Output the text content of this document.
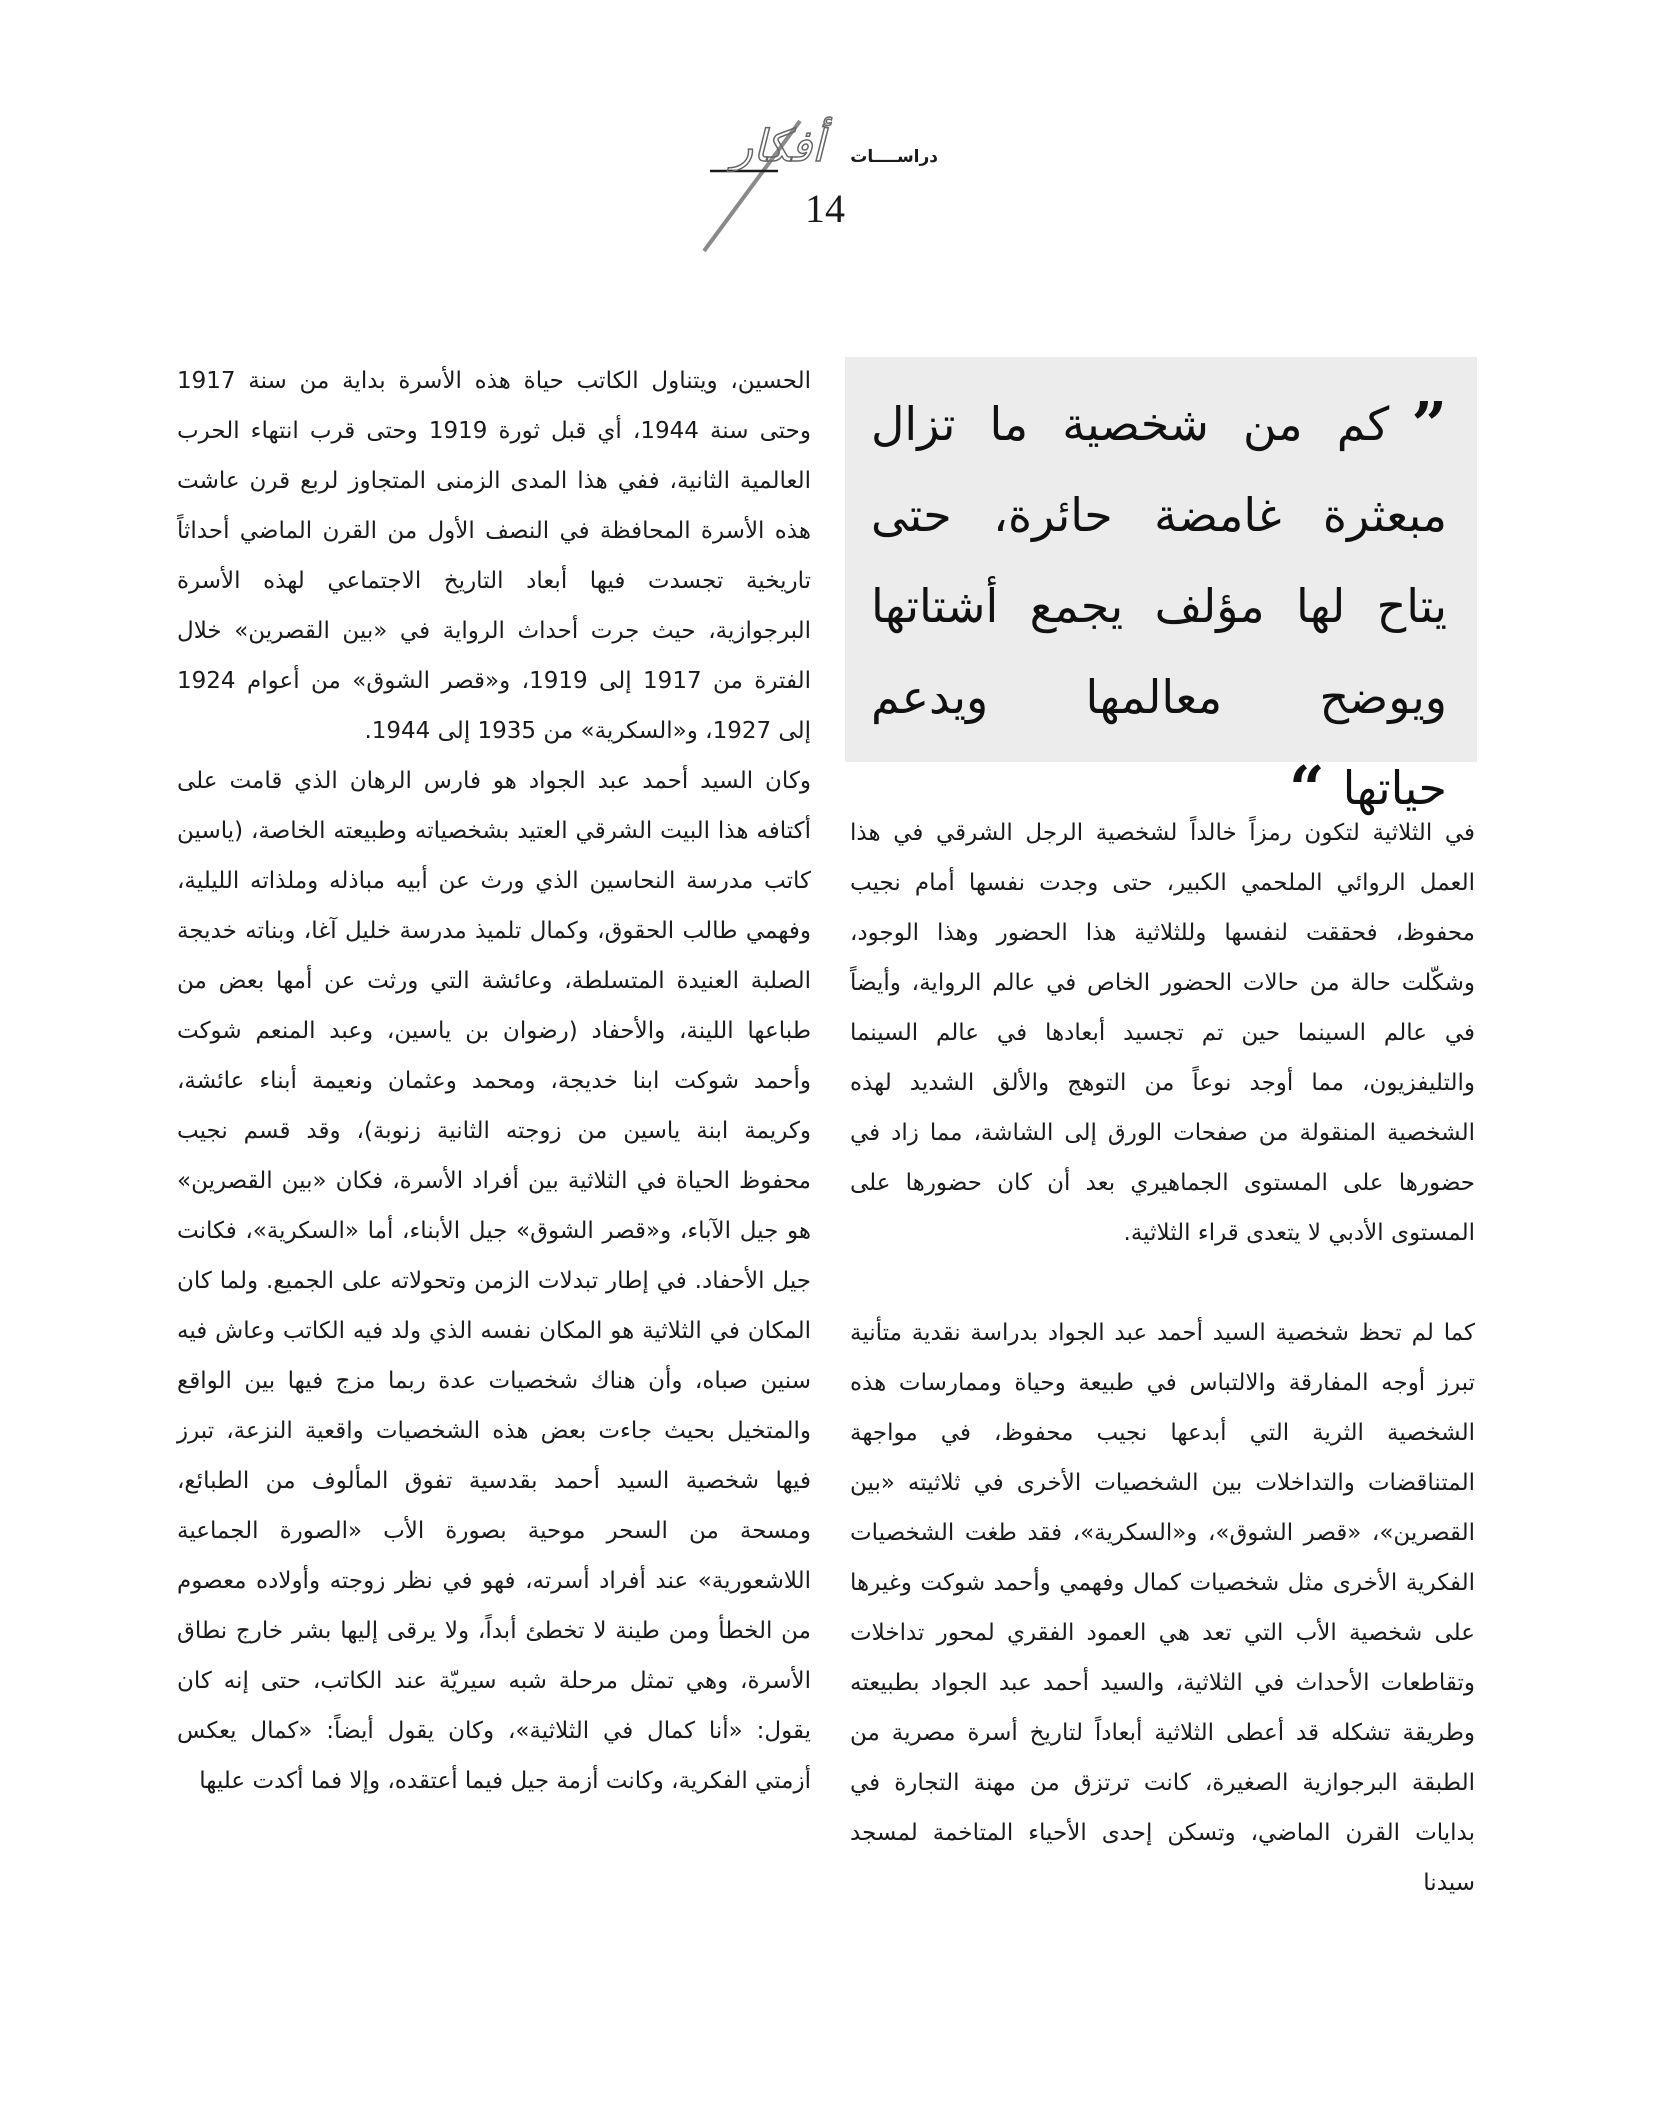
أفكار	دراســــات
14

”كم من شخصية ما تزال مبعثرة غامضة حائرة، حتى يتاح لها مؤلف يجمع أشتاتها ويوضح معالمها ويدعم حياتها“

في الثلاثية لتكون رمزاً خالداً لشخصية الرجل الشرقي في هذا العمل الروائي الملحمي الكبير، حتى وجدت نفسها أمام نجيب محفوظ، فحققت لنفسها وللثلاثية هذا الحضور وهذا الوجود، وشكّلت حالة من حالات الحضور الخاص في عالم الرواية، وأيضاً في عالم السينما حين تم تجسيد أبعادها في عالم السينما والتليفزيون، مما أوجد نوعاً من التوهج والألق الشديد لهذه الشخصية المنقولة من صفحات الورق إلى الشاشة، مما زاد في حضورها على المستوى الجماهيري بعد أن كان حضورها على المستوى الأدبي لا يتعدى قراء الثلاثية.

كما لم تحظ شخصية السيد أحمد عبد الجواد بدراسة نقدية متأنية تبرز أوجه المفارقة والالتباس في طبيعة وحياة وممارسات هذه الشخصية الثرية التي أبدعها نجيب محفوظ، في مواجهة المتناقضات والتداخلات بين الشخصيات الأخرى في ثلاثيته «بين القصرين»، «قصر الشوق»، و«السكرية»، فقد طغت الشخصيات الفكرية الأخرى مثل شخصيات كمال وفهمي وأحمد شوكت وغيرها على شخصية الأب التي تعد هي العمود الفقري لمحور تداخلات وتقاطعات الأحداث في الثلاثية، والسيد أحمد عبد الجواد بطبيعته وطريقة تشكله قد أعطى الثلاثية أبعاداً لتاريخ أسرة مصرية من الطبقة البرجوازية الصغيرة، كانت ترتزق من مهنة التجارة في بدايات القرن الماضي، وتسكن إحدى الأحياء المتاخمة لمسجد سيدنا

الحسين، ويتناول الكاتب حياة هذه الأسرة بداية من سنة 1917 وحتى سنة 1944، أي قبل ثورة 1919 وحتى قرب انتهاء الحرب العالمية الثانية، ففي هذا المدى الزمنى المتجاوز لربع قرن عاشت هذه الأسرة المحافظة في النصف الأول من القرن الماضي أحداثاً تاريخية تجسدت فيها أبعاد التاريخ الاجتماعي لهذه الأسرة البرجوازية، حيث جرت أحداث الرواية في «بين القصرين» خلال الفترة من 1917 إلى 1919، و«قصر الشوق» من أعوام 1924 إلى 1927، و«السكرية» من 1935 إلى 1944.

وكان السيد أحمد عبد الجواد هو فارس الرهان الذي قامت على أكتافه هذا البيت الشرقي العتيد بشخصياته وطبيعته الخاصة، (ياسين كاتب مدرسة النحاسين الذي ورث عن أبيه مباذله وملذاته الليلية، وفهمي طالب الحقوق، وكمال تلميذ مدرسة خليل آغا، وبناته خديجة الصلبة العنيدة المتسلطة، وعائشة التي ورثت عن أمها بعض من طباعها اللينة، والأحفاد (رضوان بن ياسين، وعبد المنعم شوكت وأحمد شوكت ابنا خديجة، ومحمد وعثمان ونعيمة أبناء عائشة، وكريمة ابنة ياسين من زوجته الثانية زنوبة)، وقد قسم نجيب محفوظ الحياة في الثلاثية بين أفراد الأسرة، فكان «بين القصرين» هو جيل الآباء، و«قصر الشوق» جيل الأبناء، أما «السكرية»، فكانت جيل الأحفاد. في إطار تبدلات الزمن وتحولاته على الجميع. ولما كان المكان في الثلاثية هو المكان نفسه الذي ولد فيه الكاتب وعاش فيه سنين صباه، وأن هناك شخصيات عدة ربما مزج فيها بين الواقع والمتخيل بحيث جاءت بعض هذه الشخصيات واقعية النزعة، تبرز فيها شخصية السيد أحمد بقدسية تفوق المألوف من الطبائع، ومسحة من السحر موحية بصورة الأب «الصورة الجماعية اللاشعورية» عند أفراد أسرته، فهو في نظر زوجته وأولاده معصوم من الخطأ ومن طينة لا تخطئ أبداً، ولا يرقى إليها بشر خارج نطاق الأسرة، وهي تمثل مرحلة شبه سيريّة عند الكاتب، حتى إنه كان يقول: «أنا كمال في الثلاثية»، وكان يقول أيضاً: «كمال يعكس أزمتي الفكرية، وكانت أزمة جيل فيما أعتقده، وإلا فما أكدت عليها
